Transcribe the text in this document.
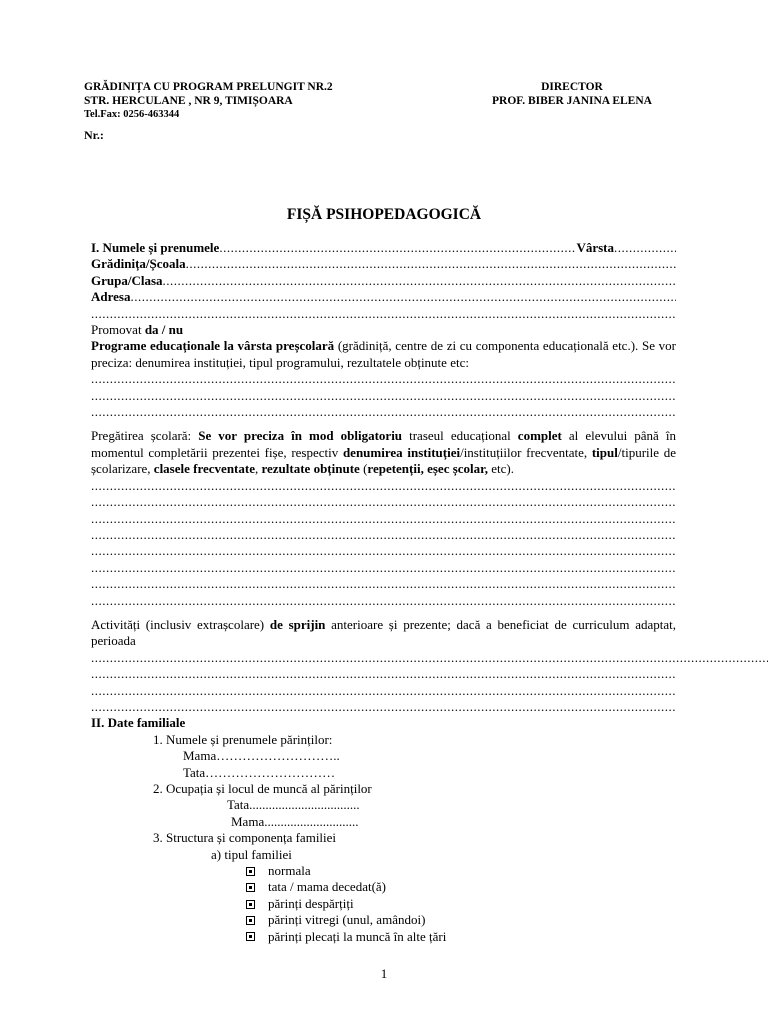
GRĂDINIȚA CU PROGRAM PRELUNGIT NR.2
STR. HERCULANE , NR 9, TIMIȘOARA
Tel.Fax: 0256-463344
DIRECTOR
PROF. BIBER JANINA ELENA
Nr.:
FIȘĂ PSIHOPEDAGOGICĂ
I. Numele și prenumele
.....	Vârsta
.....
Grădinița/Școala
.....
Grupa/Clasa
.....
Adresa
.....
.....
Promovat da / nu
Programe educaționale la vârsta preșcolară (grădiniță, centre de zi cu componenta educațională etc.). Se vor preciza: denumirea instituției, tipul programului, rezultatele obținute etc:
.....
.....
.....
Pregătirea școlară: Se vor preciza în mod obligatoriu traseul educațional complet al elevului până în momentul completării prezentei fișe, respectiv denumirea instituției/instituțiilor frecventate, tipul/tipurile de școlarizare, clasele frecventate, rezultate obținute (repetenții, eșec școlar, etc).
.....
.....
.....
.....
.....
.....
.....
.....
Activități (inclusiv extrașcolare) de sprijin anterioare și prezente; dacă a beneficiat de curriculum adaptat, perioada .....
.....
.....
.....
II. Date familiale
1. Numele și prenumele părinților:
Mama………………………..
Tata…………………………
2. Ocupația și locul de muncă al părinților
Tata..................................
Mama.............................
3. Structura și componența familiei
a) tipul familiei
normala
tata / mama decedat(ă)
părinți despărțiți
părinți vitregi (unul, amândoi)
părinți plecați la muncă în alte țări
1
